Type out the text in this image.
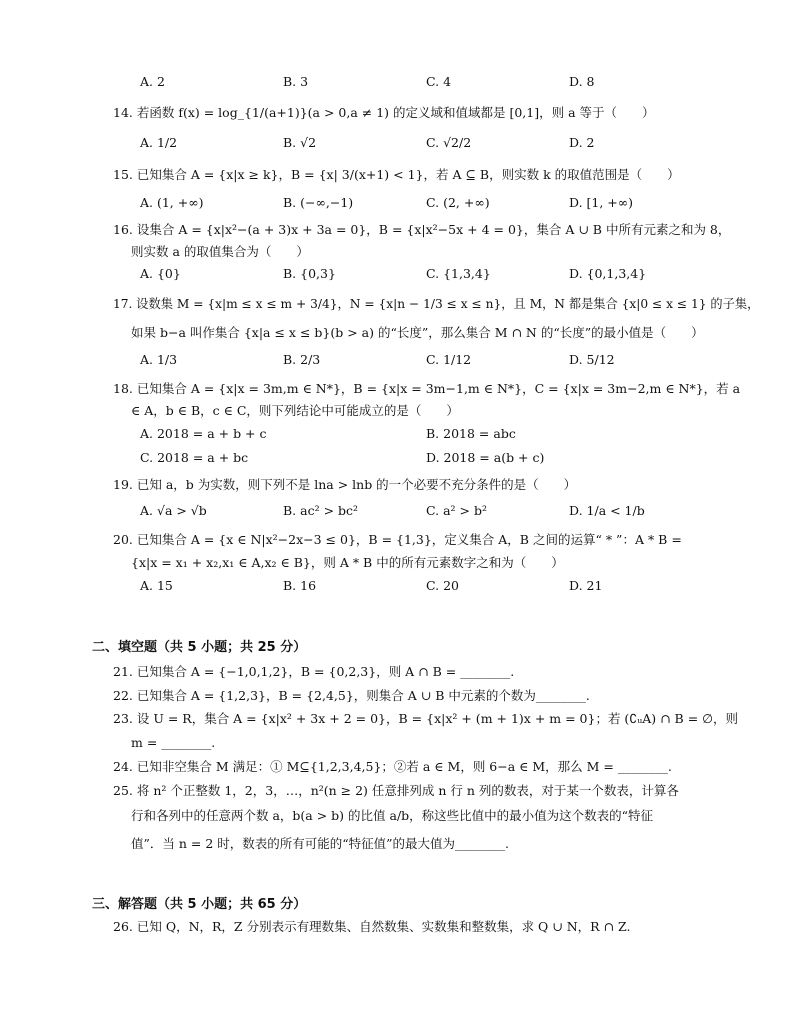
A. 2	B. 3	C. 4	D. 8
14. 若函数 f(x) = log_{1/(a+1)}(a > 0,a ≠ 1) 的定义域和值域都是 [0,1]，则 a 等于（　　）
A. 1/2	B. √2	C. √2/2	D. 2
15. 已知集合 A = {x|x ≥ k}，B = {x| 3/(x+1) < 1}，若 A ⊆ B，则实数 k 的取值范围是（　　）
A. (1, +∞)	B. (−∞,−1)	C. (2, +∞)	D. [1, +∞)
16. 设集合 A = {x|x²−(a + 3)x + 3a = 0}，B = {x|x²−5x + 4 = 0}，集合 A ∪ B 中所有元素之和为 8，
则实数 a 的取值集合为（　　）
A. {0}	B. {0,3}	C. {1,3,4}	D. {0,1,3,4}
17. 设数集 M = {x|m ≤ x ≤ m + 3/4}，N = {x|n − 1/3 ≤ x ≤ n}，且 M，N 都是集合 {x|0 ≤ x ≤ 1} 的子集，
如果 b−a 叫作集合 {x|a ≤ x ≤ b}(b > a) 的“长度”，那么集合 M ∩ N 的“长度”的最小值是（　　）
A. 1/3	B. 2/3	C. 1/12	D. 5/12
18. 已知集合 A = {x|x = 3m,m ∈ N*}，B = {x|x = 3m−1,m ∈ N*}，C = {x|x = 3m−2,m ∈ N*}，若 a
∈ A，b ∈ B，c ∈ C，则下列结论中可能成立的是（　　）
A. 2018 = a + b + c	B. 2018 = abc
C. 2018 = a + bc	D. 2018 = a(b + c)
19. 已知 a，b 为实数，则下列不是 lna > lnb 的一个必要不充分条件的是（　　）
A. √a > √b	B. ac² > bc²	C. a² > b²	D. 1/a < 1/b
20. 已知集合 A = {x ∈ N|x²−2x−3 ≤ 0}，B = {1,3}，定义集合 A，B 之间的运算“ * ”：A * B =
{x|x = x₁ + x₂,x₁ ∈ A,x₂ ∈ B}，则 A * B 中的所有元素数字之和为（　　）
A. 15	B. 16	C. 20	D. 21
二、填空题（共 5 小题；共 25 分）
21. 已知集合 A = {−1,0,1,2}，B = {0,2,3}，则 A ∩ B = ________.
22. 已知集合 A = {1,2,3}，B = {2,4,5}，则集合 A ∪ B 中元素的个数为________.
23. 设 U = R，集合 A = {x|x² + 3x + 2 = 0}，B = {x|x² + (m + 1)x + m = 0}；若 (∁ᵤA) ∩ B = ∅，则
m = ________.
24. 已知非空集合 M 满足：① M⊆{1,2,3,4,5}；②若 a ∈ M，则 6−a ∈ M，那么 M = ________.
25. 将 n² 个正整数 1，2，3，…，n²(n ≥ 2) 任意排列成 n 行 n 列的数表，对于某一个数表，计算各
行和各列中的任意两个数 a，b(a > b) 的比值 a/b，称这些比值中的最小值为这个数表的“特征
值”．当 n = 2 时，数表的所有可能的“特征值”的最大值为________.
三、解答题（共 5 小题；共 65 分）
26. 已知 Q，N，R，Z 分别表示有理数集、自然数集、实数集和整数集，求 Q ∪ N，R ∩ Z.
